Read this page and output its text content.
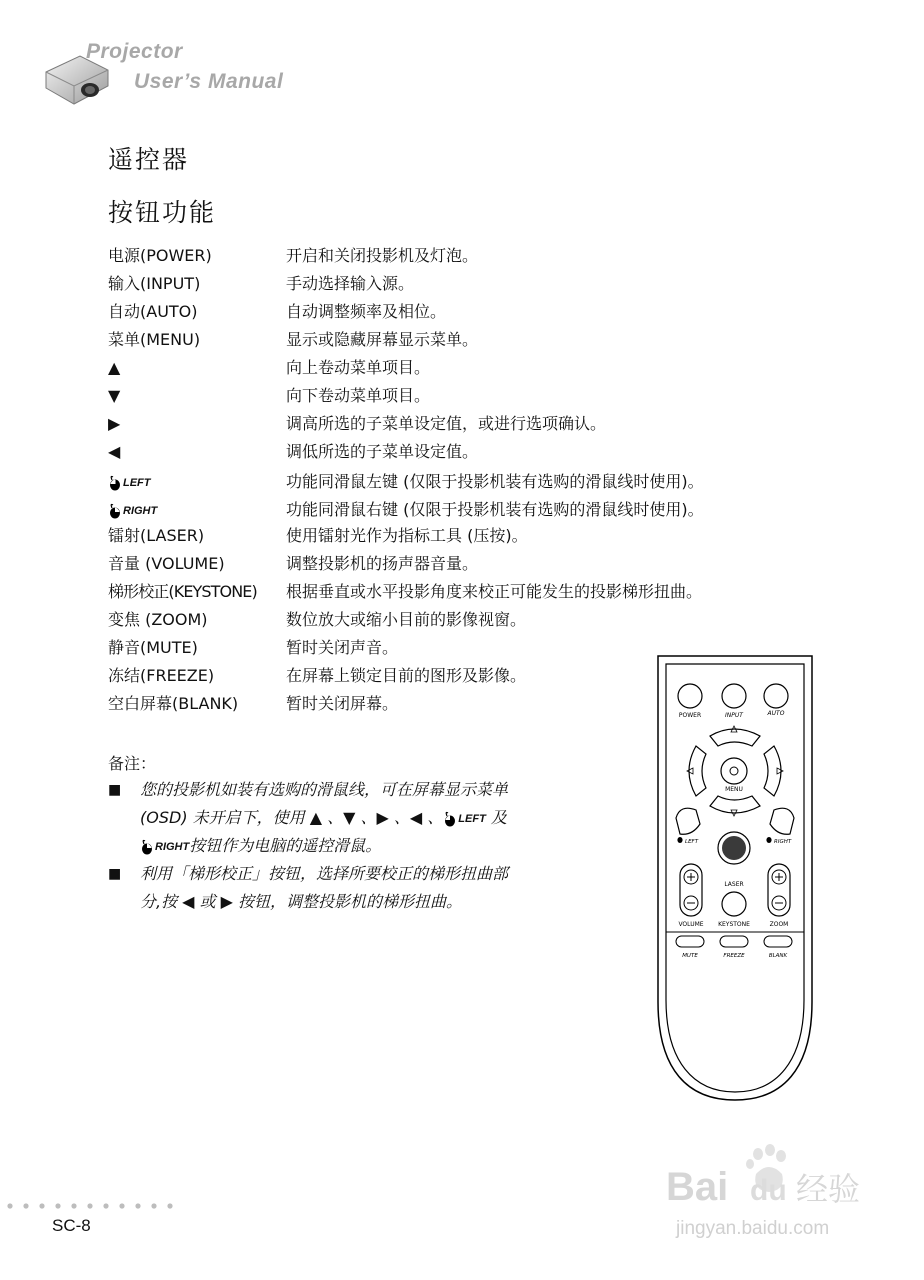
Projector
User’s Manual
遥控器
按钮功能
电源(POWER)	开启和关闭投影机及灯泡。
输入(INPUT)	手动选择输入源。
自动(AUTO)	自动调整频率及相位。
菜单(MENU)	显示或隐藏屏幕显示菜单。
▲	向上卷动菜单项目。
▼	向下卷动菜单项目。
▶	调高所选的子菜单设定值，或进行选项确认。
◀	调低所选的子菜单设定值。
LEFT	功能同滑鼠左键 (仅限于投影机装有选购的滑鼠线时使用)。
RIGHT	功能同滑鼠右键 (仅限于投影机装有选购的滑鼠线时使用)。
镭射(LASER)	使用镭射光作为指标工具 (压按)。
音量 (VOLUME)	调整投影机的扬声器音量。
梯形校正(KEYSTONE) 根据垂直或水平投影角度来校正可能发生的投影梯形扭曲。
变焦 (ZOOM)	数位放大或缩小目前的影像视窗。
静音(MUTE)	暂时关闭声音。
冻结(FREEZE)	在屏幕上锁定目前的图形及影像。
空白屏幕(BLANK)	暂时关闭屏幕。
备注：
■ 您的投影机如装有选购的滑鼠线，可在屏幕显示菜单
(OSD) 未开启下，使用 ▲ 、▼ 、▶ 、◀ 、 LEFT 及
RIGHT按钮作为电脑的遥控滑鼠。
■ 利用「梯形校正」按钮，选择所要校正的梯形扭曲部
分,按 ◀ 或 ▶ 按钮，调整投影机的梯形扭曲。
POWER	INPUT	AUTO
MENU
LEFT	RIGHT
LASER
VOLUME KEYSTONE	ZOOM
MUTE	FREEZE	BLANK
SC-8
Bai du 经验
jingyan.baidu.com
